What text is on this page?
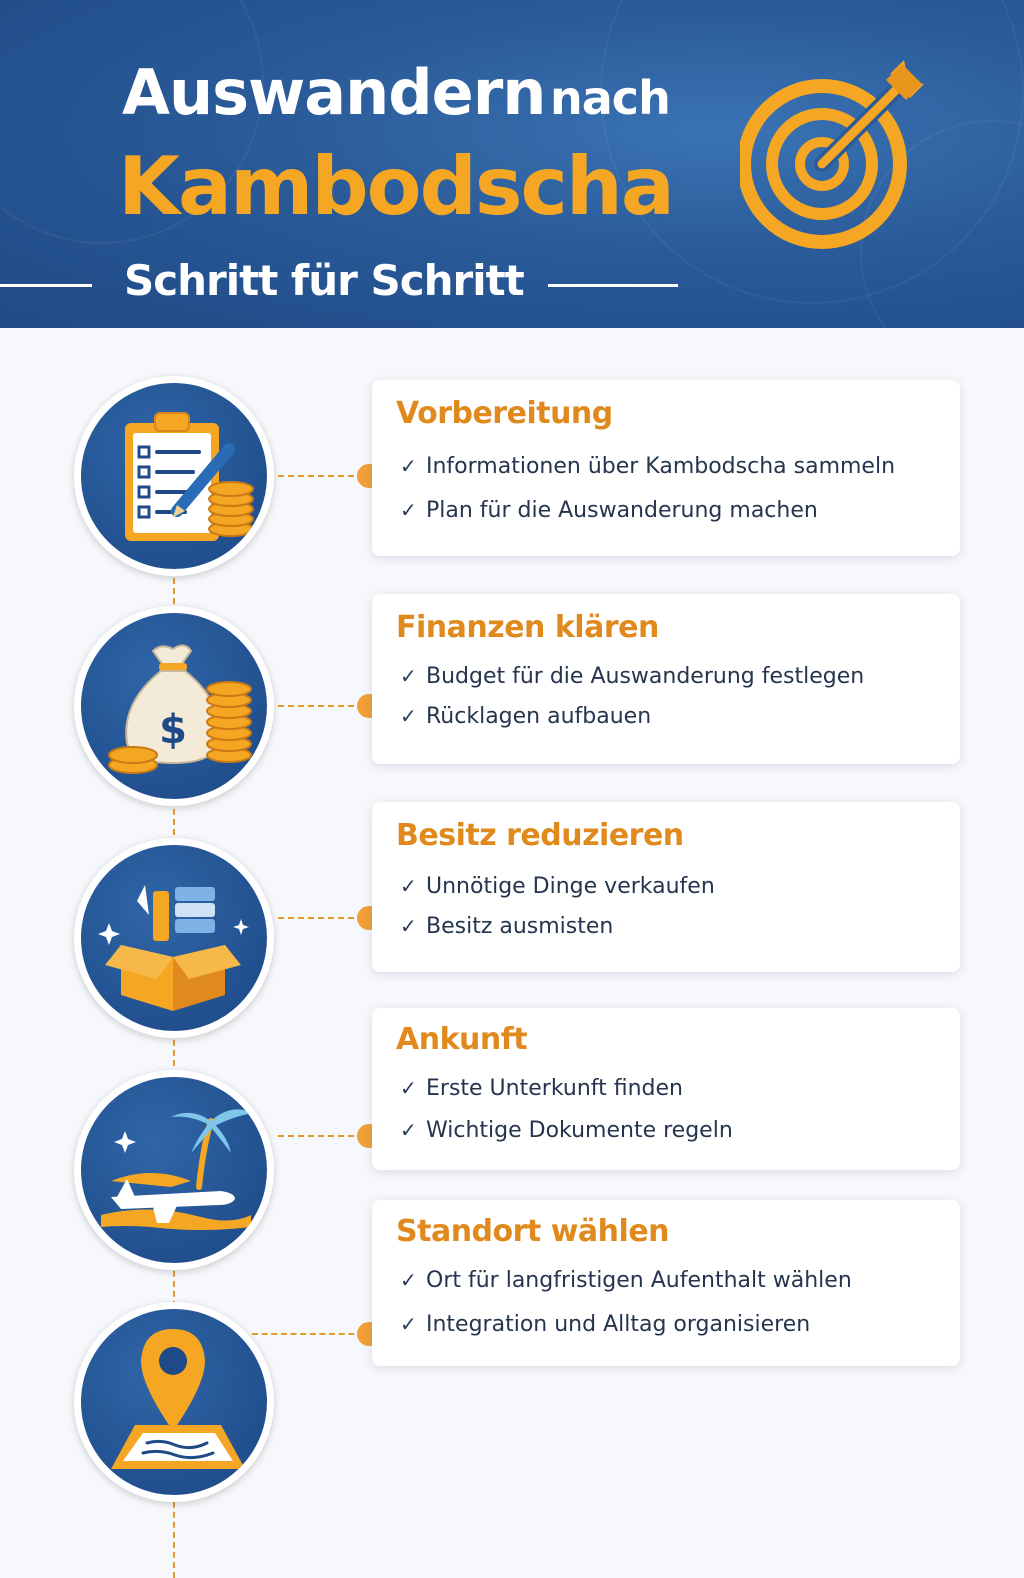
Auswandern nach
Kambodscha
Schritt für Schritt
Vorbereitung
✓ Informationen über Kambodscha sammeln
✓ Plan für die Auswanderung machen
$
Finanzen klären
✓ Budget für die Auswanderung festlegen
✓ Rücklagen aufbauen
Besitz reduzieren
✓ Unnötige Dinge verkaufen
✓ Besitz ausmisten
Ankunft
✓ Erste Unterkunft finden
✓ Wichtige Dokumente regeln
Standort wählen
✓ Ort für langfristigen Aufenthalt wählen
✓ Integration und Alltag organisieren
